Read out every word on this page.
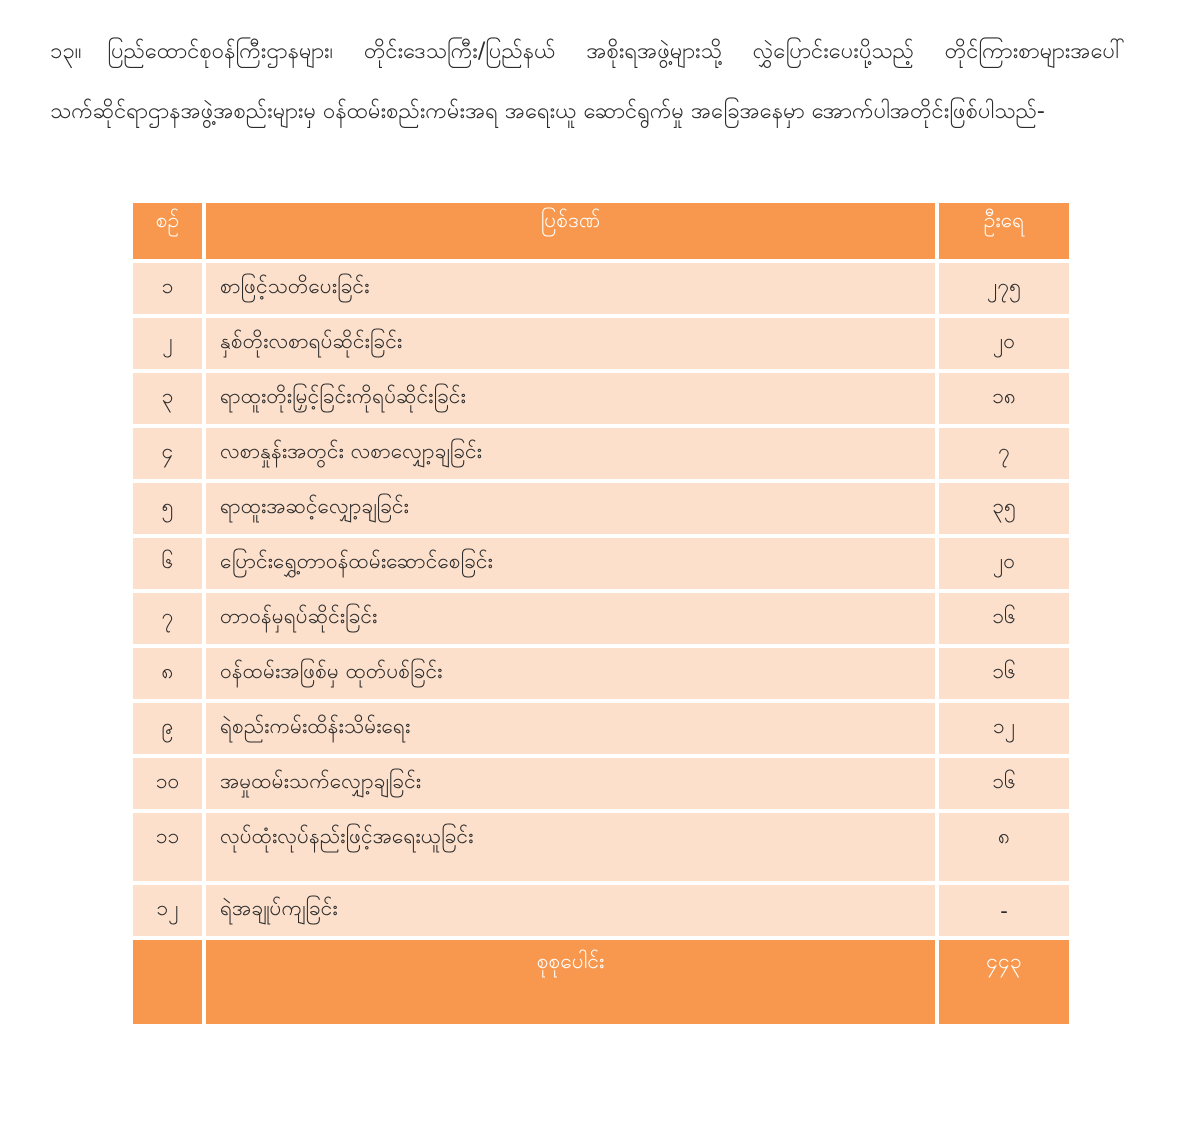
၁၃။ ပြည်ထောင်စုဝန်ကြီးဌာနများ၊ တိုင်းဒေသကြီး/ပြည်နယ် အစိုးရအဖွဲ့များသို့ လွှဲပြောင်းပေးပို့သည့် တိုင်ကြားစာများအပေါ် သက်ဆိုင်ရာဌာနအဖွဲ့အစည်းများမှ ဝန်ထမ်းစည်းကမ်းအရ အရေးယူ ဆောင်ရွက်မှု အခြေအနေမှာ အောက်ပါအတိုင်းဖြစ်ပါသည်-

စဉ်	ပြစ်ဒဏ်	ဦးရေ
၁	စာဖြင့်သတိပေးခြင်း	၂၇၅
၂	နှစ်တိုးလစာရပ်ဆိုင်းခြင်း	၂၀
၃	ရာထူးတိုးမြှင့်ခြင်းကိုရပ်ဆိုင်းခြင်း	၁၈
၄	လစာနှုန်းအတွင်း လစာလျှော့ချခြင်း	၇
၅	ရာထူးအဆင့်လျှော့ချခြင်း	၃၅
၆	ပြောင်းရွှေ့တာဝန်ထမ်းဆောင်စေခြင်း	၂၀
၇	တာဝန်မှရပ်ဆိုင်းခြင်း	၁၆
၈	ဝန်ထမ်းအဖြစ်မှ ထုတ်ပစ်ခြင်း	၁၆
၉	ရဲစည်းကမ်းထိန်းသိမ်းရေး	၁၂
၁၀	အမှုထမ်းသက်လျှော့ချခြင်း	၁၆
၁၁	လုပ်ထုံးလုပ်နည်းဖြင့်အရေးယူခြင်း	၈
၁၂	ရဲအချုပ်ကျခြင်း	-
	စုစုပေါင်း	၄၄၃
